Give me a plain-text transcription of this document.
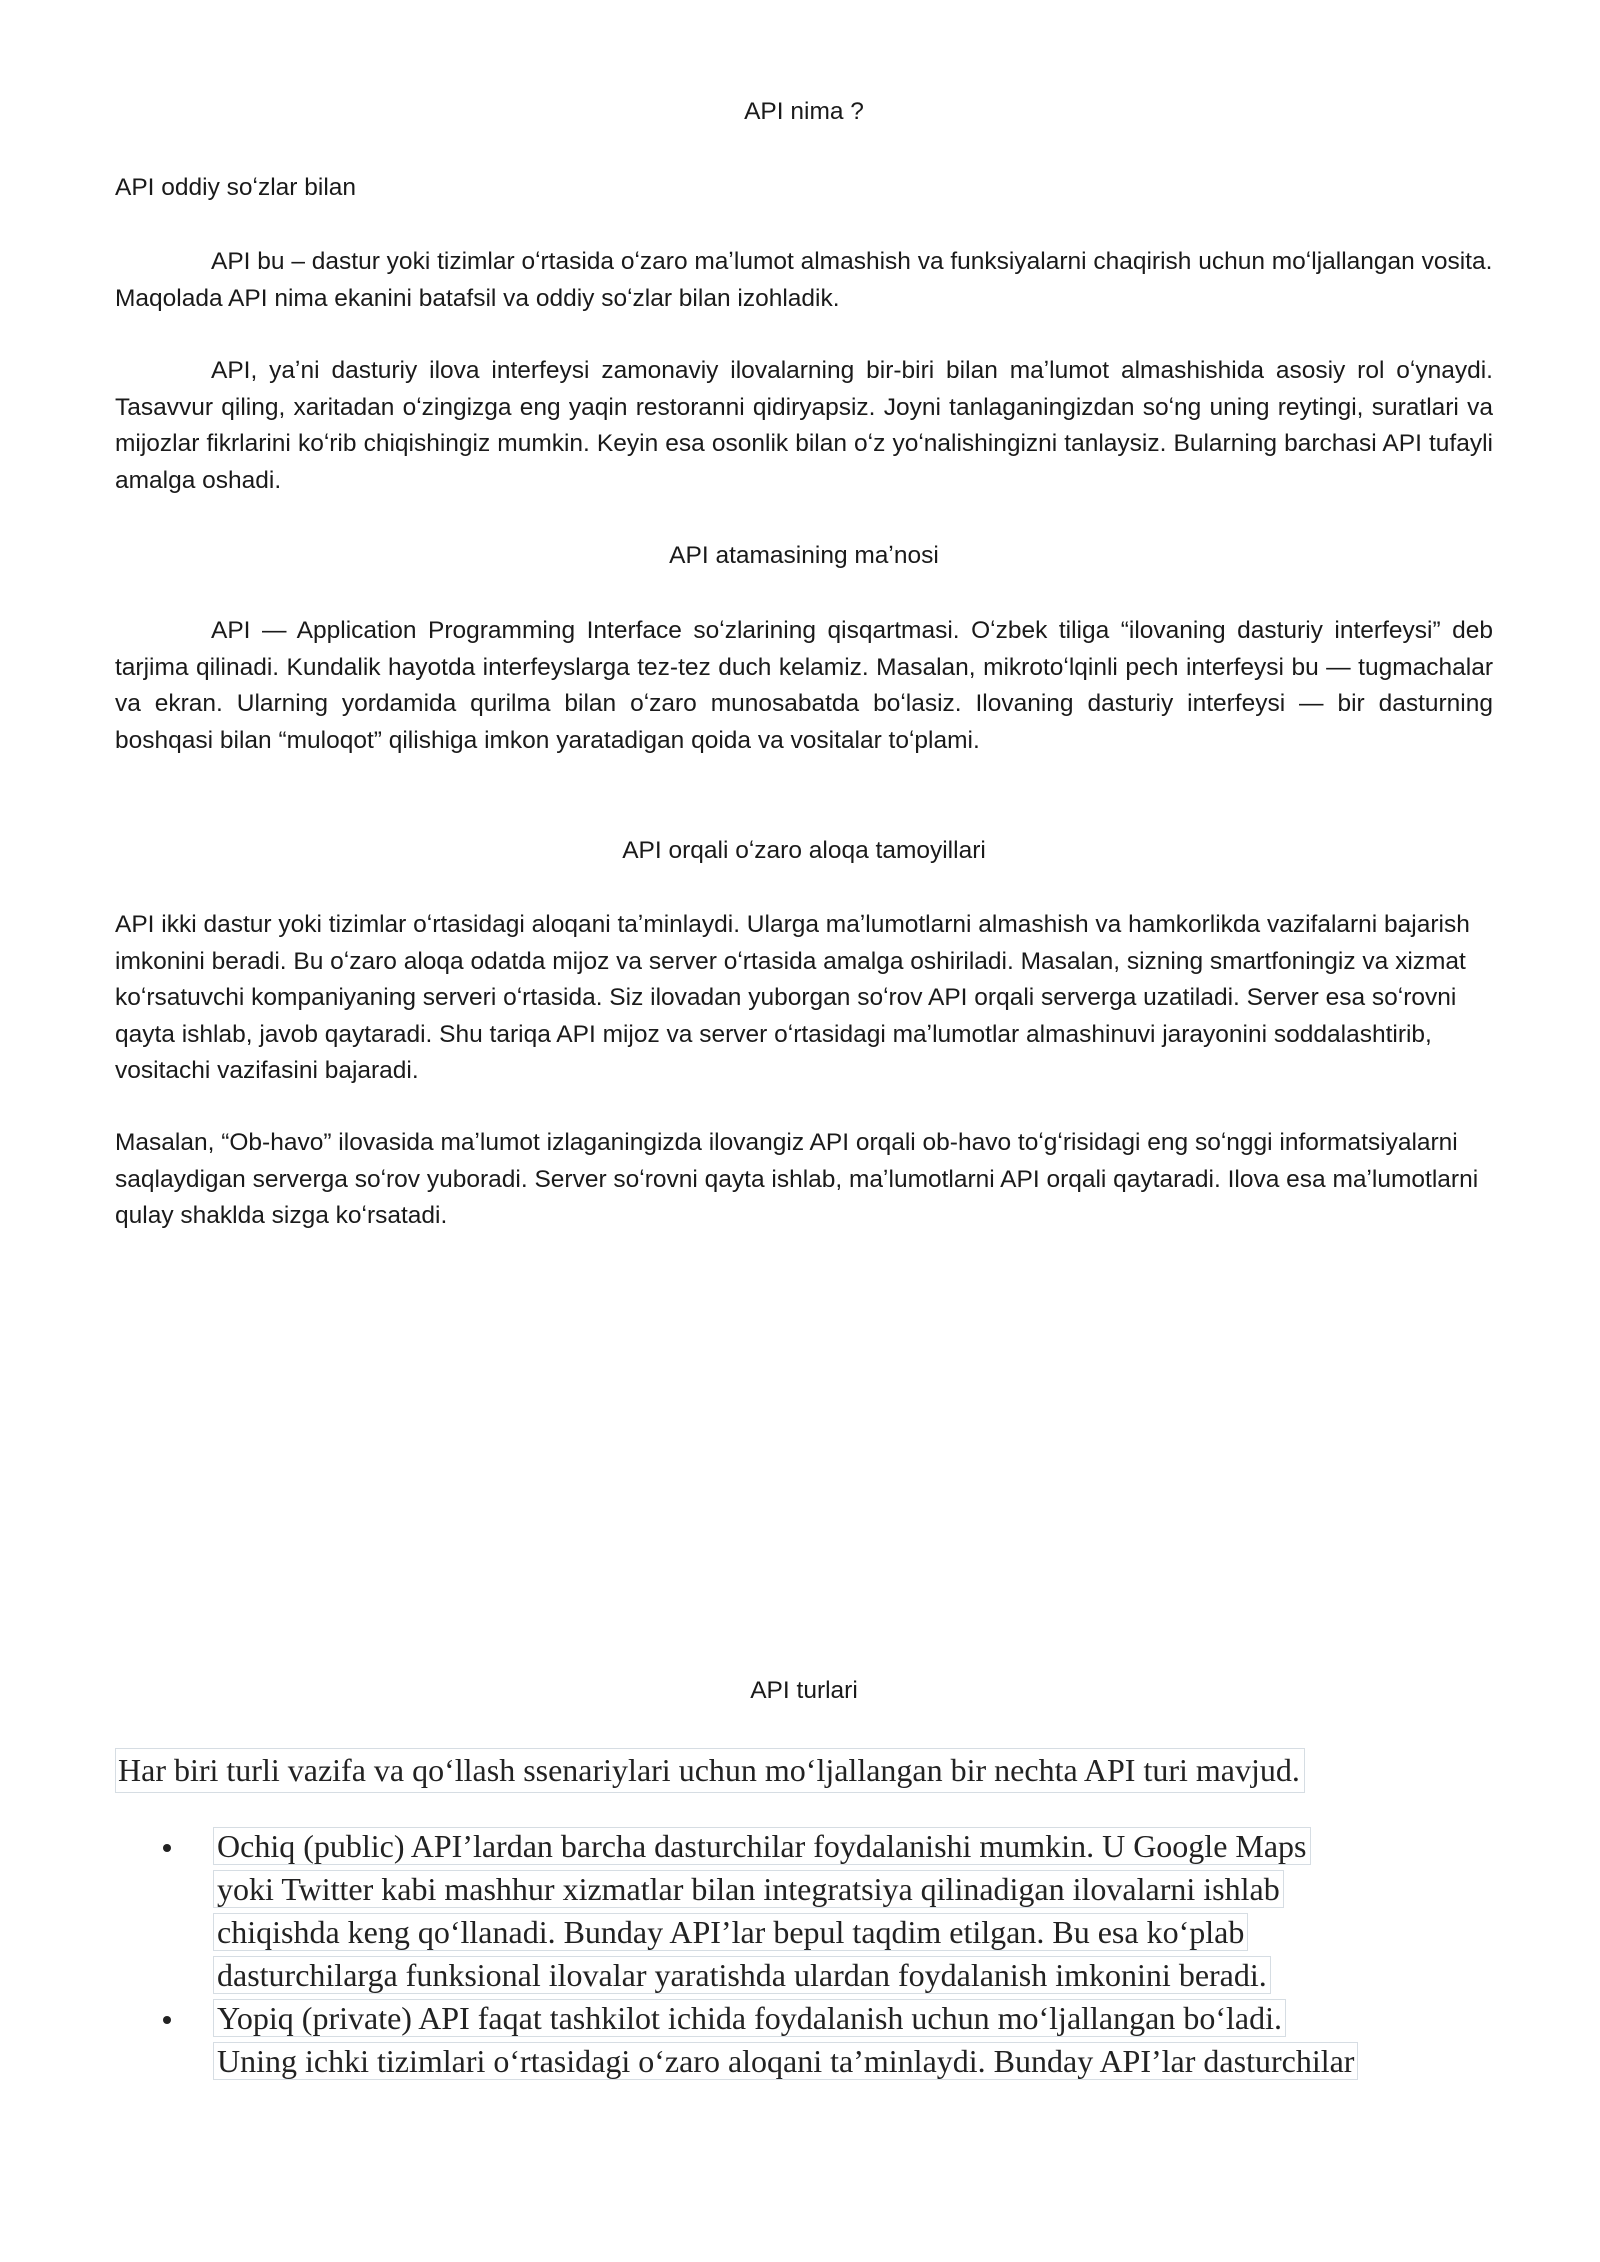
API nima ?

API oddiy soʻzlar bilan

API bu – dastur yoki tizimlar oʻrtasida oʻzaro maʼlumot almashish va funksiyalarni chaqirish uchun moʻljallangan vosita. Maqolada API nima ekanini batafsil va oddiy soʻzlar bilan izohladik.

API, yaʼni dasturiy ilova interfeysi zamonaviy ilovalarning bir-biri bilan maʼlumot almashishida asosiy rol oʻynaydi. Tasavvur qiling, xaritadan oʻzingizga eng yaqin restoranni qidiryapsiz. Joyni tanlaganingizdan soʻng uning reytingi, suratlari va mijozlar fikrlarini koʻrib chiqishingiz mumkin. Keyin esa osonlik bilan oʻz yoʻnalishingizni tanlaysiz. Bularning barchasi API tufayli amalga oshadi.

API atamasining maʼnosi

API — Application Programming Interface soʻzlarining qisqartmasi. Oʻzbek tiliga “ilovaning dasturiy interfeysi” deb tarjima qilinadi. Kundalik hayotda interfeyslarga tez-tez duch kelamiz. Masalan, mikrotoʻlqinli pech interfeysi bu — tugmachalar va ekran. Ularning yordamida qurilma bilan oʻzaro munosabatda boʻlasiz. Ilovaning dasturiy interfeysi — bir dasturning boshqasi bilan “muloqot” qilishiga imkon yaratadigan qoida va vositalar toʻplami.

API orqali oʻzaro aloqa tamoyillari

API ikki dastur yoki tizimlar oʻrtasidagi aloqani taʼminlaydi. Ularga maʼlumotlarni almashish va hamkorlikda vazifalarni bajarish imkonini beradi. Bu oʻzaro aloqa odatda mijoz va server oʻrtasida amalga oshiriladi. Masalan, sizning smartfoningiz va xizmat koʻrsatuvchi kompaniyaning serveri oʻrtasida. Siz ilovadan yuborgan soʻrov API orqali serverga uzatiladi. Server esa soʻrovni qayta ishlab, javob qaytaradi. Shu tariqa API mijoz va server oʻrtasidagi maʼlumotlar almashinuvi jarayonini soddalashtirib, vositachi vazifasini bajaradi.

Masalan, “Ob-havo” ilovasida maʼlumot izlaganingizda ilovangiz API orqali ob-havo toʻgʻrisidagi eng soʻnggi informatsiyalarni saqlaydigan serverga soʻrov yuboradi. Server soʻrovni qayta ishlab, maʼlumotlarni API orqali qaytaradi. Ilova esa maʼlumotlarni qulay shaklda sizga koʻrsatadi.

API turlari

Har biri turli vazifa va qoʻllash ssenariylari uchun moʻljallangan bir nechta API turi mavjud.
Ochiq (public) APIʼlardan barcha dasturchilar foydalanishi mumkin. U Google Maps
yoki Twitter kabi mashhur xizmatlar bilan integratsiya qilinadigan ilovalarni ishlab
chiqishda keng qoʻllanadi. Bunday APIʼlar bepul taqdim etilgan. Bu esa koʻplab
dasturchilarga funksional ilovalar yaratishda ulardan foydalanish imkonini beradi.
Yopiq (private) API faqat tashkilot ichida foydalanish uchun moʻljallangan boʻladi.
Uning ichki tizimlari oʻrtasidagi oʻzaro aloqani taʼminlaydi. Bunday APIʼlar dasturchilar
